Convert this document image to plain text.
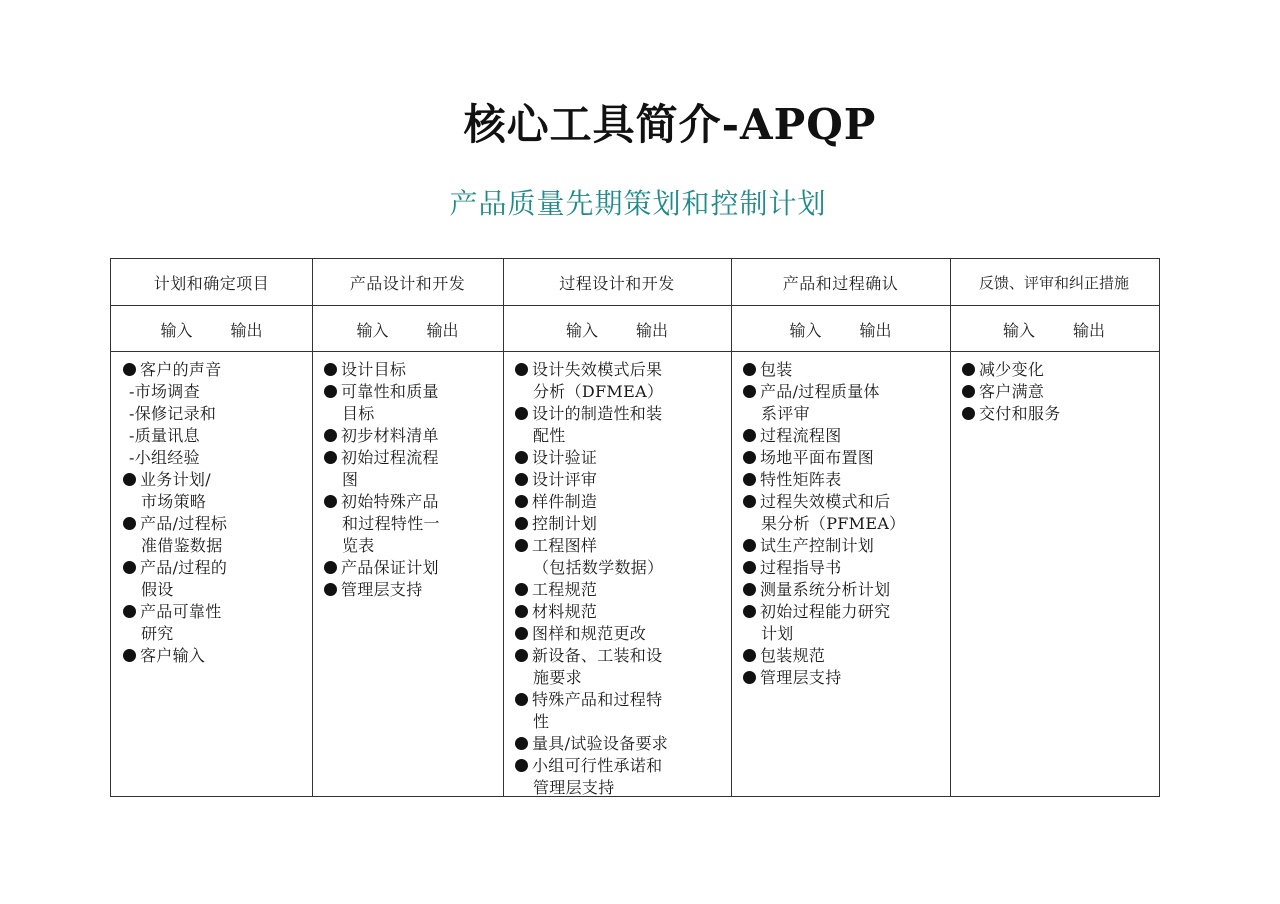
核心工具简介-APQP
产品质量先期策划和控制计划
计划和确定项目
输入 输出
客户的声音
-市场调查
-保修记录和
-质量讯息
-小组经验
业务计划/
市场策略
产品/过程标
准借鉴数据
产品/过程的
假设
产品可靠性
研究
客户输入
产品设计和开发
输入 输出
设计目标
可靠性和质量
目标
初步材料清单
初始过程流程
图
初始特殊产品
和过程特性一
览表
产品保证计划
管理层支持
过程设计和开发
输入 输出
设计失效模式后果
分析（DFMEA）
设计的制造性和装
配性
设计验证
设计评审
样件制造
控制计划
工程图样
（包括数学数据）
工程规范
材料规范
图样和规范更改
新设备、工装和设
施要求
特殊产品和过程特
性
量具/试验设备要求
小组可行性承诺和
管理层支持
产品和过程确认
输入 输出
包装
产品/过程质量体
系评审
过程流程图
场地平面布置图
特性矩阵表
过程失效模式和后
果分析（PFMEA）
试生产控制计划
过程指导书
测量系统分析计划
初始过程能力研究
计划
包装规范
管理层支持
反馈、评审和纠正措施
输入 输出
减少变化
客户满意
交付和服务
